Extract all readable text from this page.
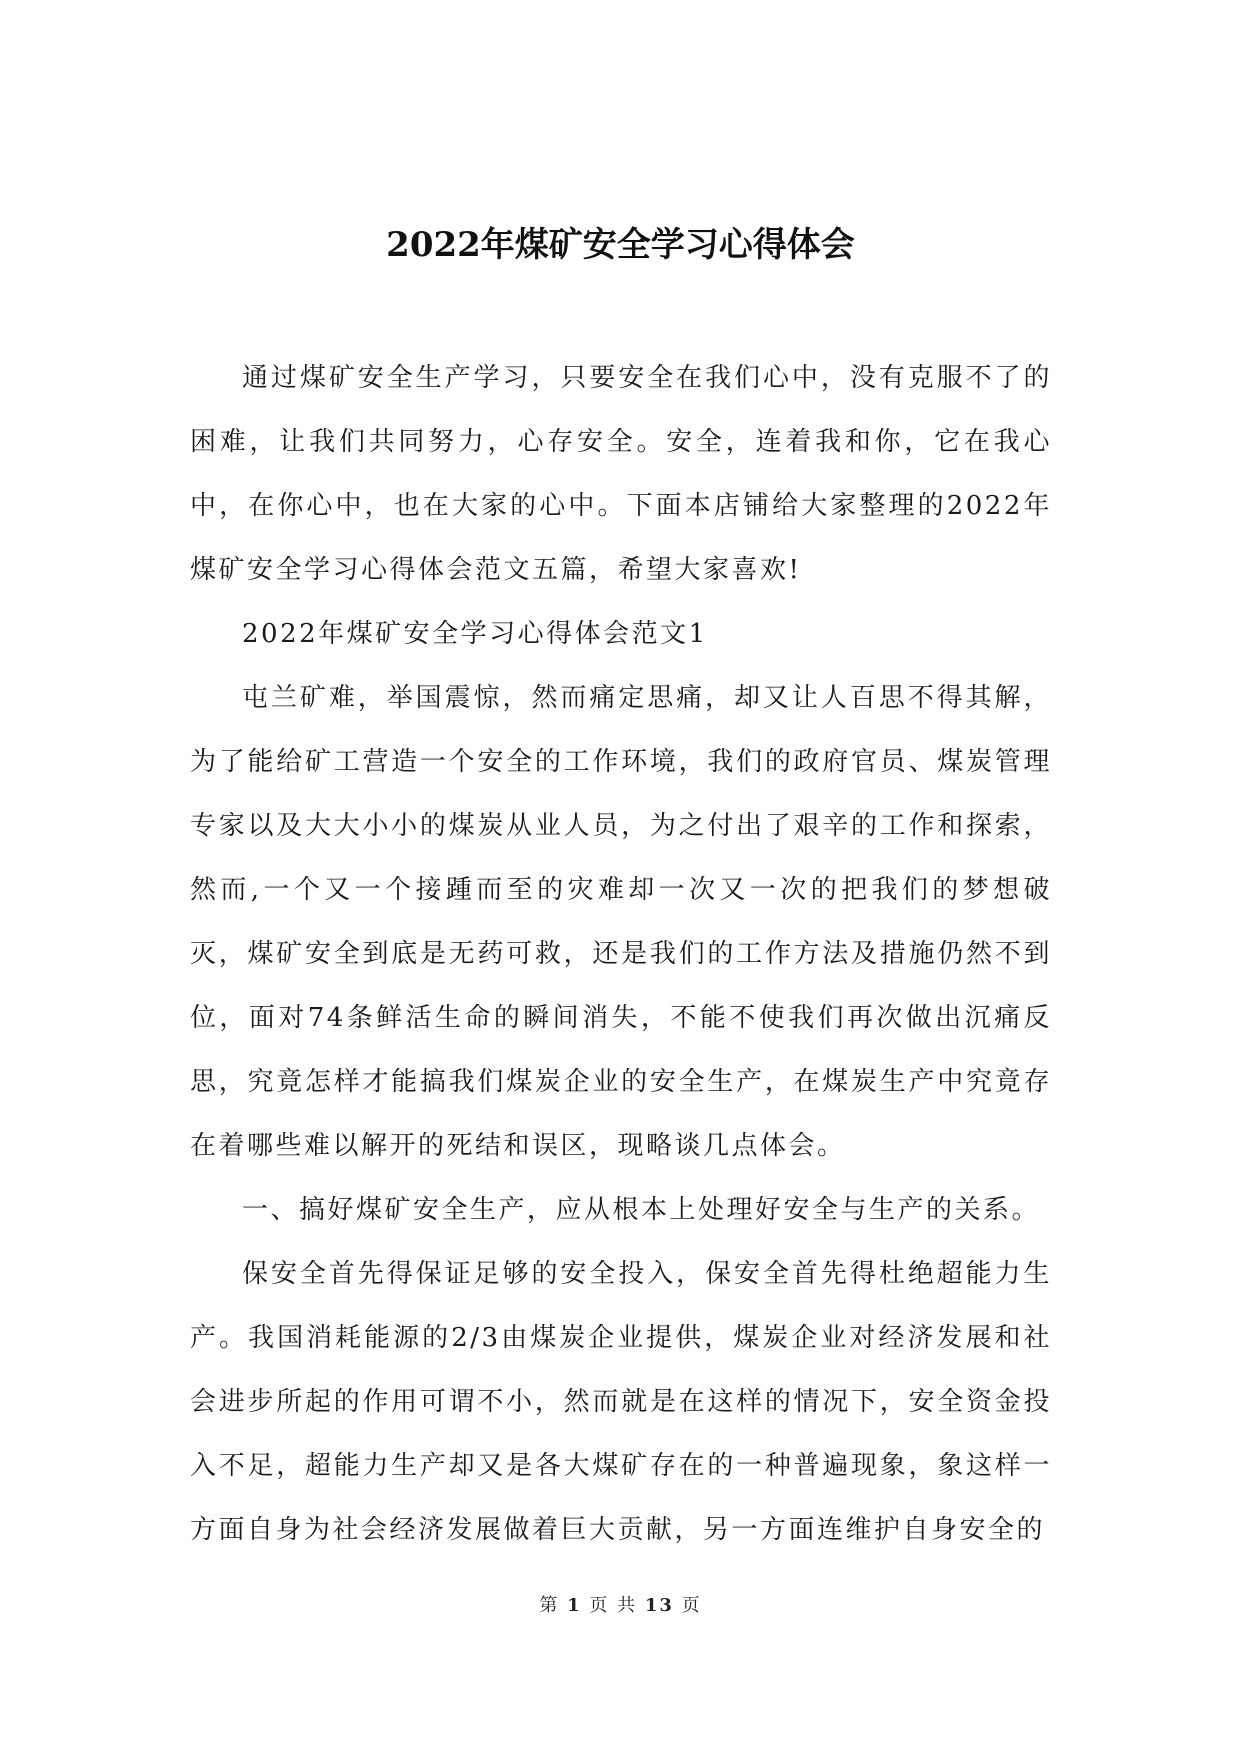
2022年煤矿安全学习心得体会

通过煤矿安全生产学习，只要安全在我们心中，没有克服不了的困难，让我们共同努力，心存安全。安全，连着我和你，它在我心中，在你心中，也在大家的心中。下面本店铺给大家整理的2022年煤矿安全学习心得体会范文五篇，希望大家喜欢!

2022年煤矿安全学习心得体会范文1

屯兰矿难，举国震惊，然而痛定思痛，却又让人百思不得其解，为了能给矿工营造一个安全的工作环境，我们的政府官员、煤炭管理专家以及大大小小的煤炭从业人员，为之付出了艰辛的工作和探索，然而,一个又一个接踵而至的灾难却一次又一次的把我们的梦想破灭，煤矿安全到底是无药可救，还是我们的工作方法及措施仍然不到位，面对74条鲜活生命的瞬间消失，不能不使我们再次做出沉痛反思，究竟怎样才能搞我们煤炭企业的安全生产，在煤炭生产中究竟存在着哪些难以解开的死结和误区，现略谈几点体会。

一、搞好煤矿安全生产，应从根本上处理好安全与生产的关系。

保安全首先得保证足够的安全投入，保安全首先得杜绝超能力生产。我国消耗能源的2/3由煤炭企业提供，煤炭企业对经济发展和社会进步所起的作用可谓不小，然而就是在这样的情况下，安全资金投入不足，超能力生产却又是各大煤矿存在的一种普遍现象，象这样一方面自身为社会经济发展做着巨大贡献，另一方面连维护自身安全的

第 1 页 共 13 页
